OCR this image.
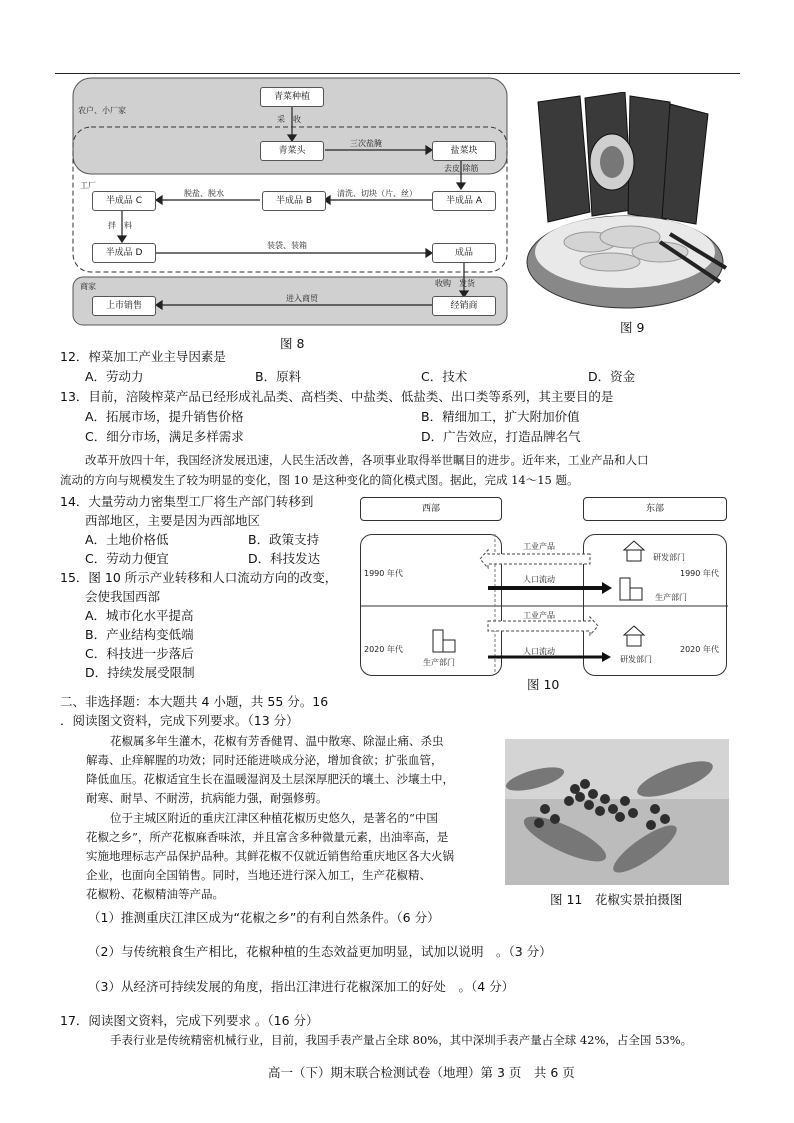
农户、小厂家
工厂
商家
青菜种植
青菜头	盐菜块
半成品 A
半成品 B
半成品 C
半成品 D	成品
经销商
上市销售
采　收
三次盐腌
去皮 除筋
清洗、切块（片、丝）
脱盐、脱水
拌　料
装袋、装箱
收购　发货
进入商贸
图 8
图 9
12．榨菜加工产业主导因素是
A．劳动力	B．原料	C．技术	D．资金
13．目前，涪陵榨菜产品已经形成礼品类、高档类、中盐类、低盐类、出口类等系列，其主要目的是
A．拓展市场，提升销售价格	B．精细加工，扩大附加价值
C．细分市场，满足多样需求	D．广告效应，打造品牌名气
改革开放四十年，我国经济发展迅速，人民生活改善，各项事业取得举世瞩目的进步。近年来，工业产品和人口
流动的方向与规模发生了较为明显的变化，图 10 是这种变化的简化模式图。据此，完成 14～15 题。
14．大量劳动力密集型工厂将生产部门转移到
西部地区，主要是因为西部地区
A．土地价格低	B．政策支持
C．劳动力便宜	D．科技发达
15．图 10 所示产业转移和人口流动方向的改变，
会使我国西部
A．城市化水平提高
B．产业结构变低端
C．科技进一步落后
D．持续发展受限制
西部	东部
工业产品
人口流动
工业产品
人口流动
1990 年代	1990 年代
2020 年代	2020 年代
研发部门
生产部门
生产部门	研发部门
图 10
二、非选择题：本大题共 4 小题，共 55 分。16
．阅读图文资料，完成下列要求。（13 分）
花椒属多年生灌木，花椒有芳香健胃、温中散寒、除湿止痛、杀虫
解毒、止痒解腥的功效；同时还能进啖成分泌，增加食欲；扩张血管，
降低血压。花椒适宜生长在温暖湿润及土层深厚肥沃的壤土、沙壤土中，
耐寒、耐旱、不耐涝，抗病能力强，耐强修剪。
位于主城区附近的重庆江津区种植花椒历史悠久，是著名的“中国
花椒之乡”，所产花椒麻香味浓，并且富含多种微量元素，出油率高，是
实施地理标志产品保护品种。其鲜花椒不仅就近销售给重庆地区各大火锅
企业，也面向全国销售。同时，当地还进行深入加工，生产花椒精、
花椒粉、花椒精油等产品。	图 11　花椒实景拍摄图
（1）推测重庆江津区成为“花椒之乡”的有利自然条件。（6 分）
（2）与传统粮食生产相比，花椒种植的生态效益更加明显，试加以说明　。（3 分）
（3）从经济可持续发展的角度，指出江津进行花椒深加工的好处　。（4 分）
17．阅读图文资料，完成下列要求 。（16 分）
手表行业是传统精密机械行业，目前，我国手表产量占全球 80%，其中深圳手表产量占全球 42%，占全国 53%。
高一（下）期末联合检测试卷（地理）第 3 页　共 6 页
